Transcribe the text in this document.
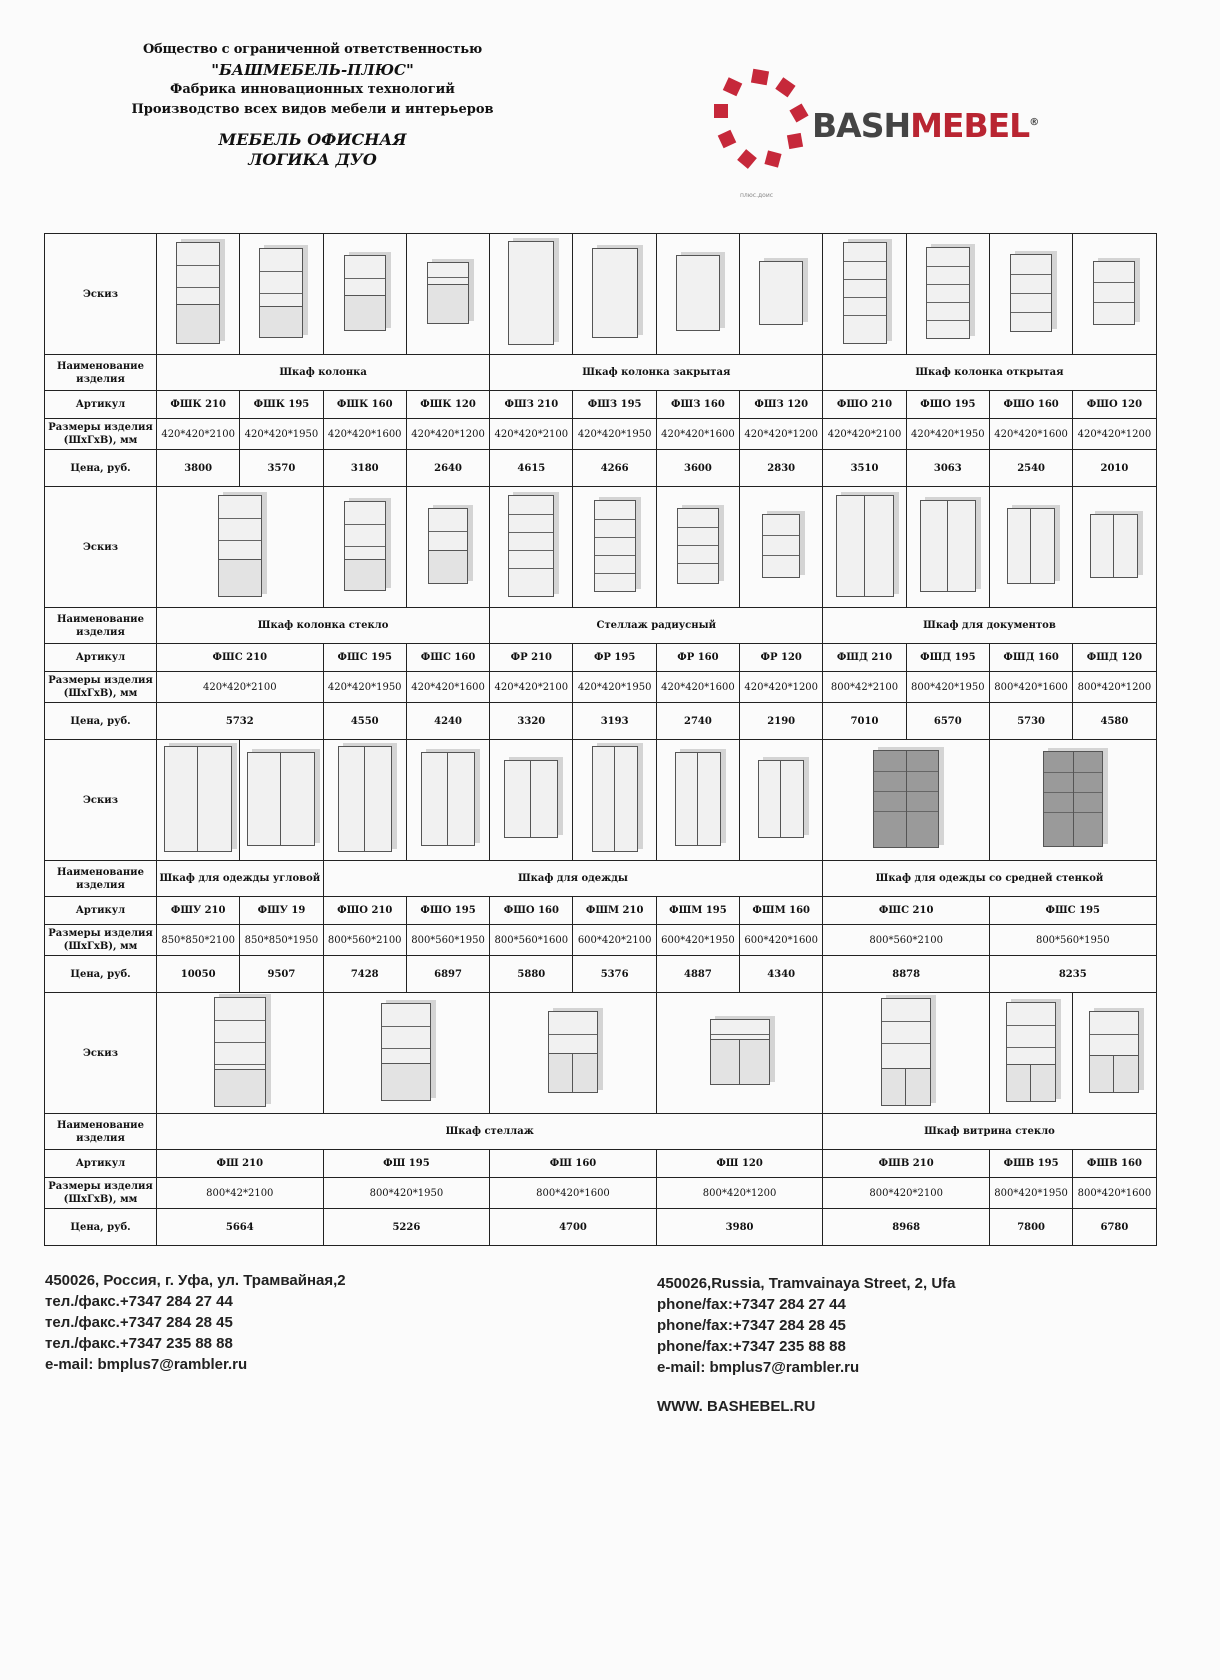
Общество с ограниченной ответственностью
"БАШМЕБЕЛЬ-ПЛЮС"
Фабрика инновационных технологий
Производство всех видов мебели и интерьеров
МЕБЕЛЬ ОФИСНАЯ
ЛОГИКА ДУО
BASHMEBEL®
плюс.доис
Эскиз	

Наименование изделия	Шкаф колонка				Шкаф колонка закрытая				Шкаф колонка открытая			
Артикул	ФШК 210	ФШК 195	ФШК 160	ФШК 120	ФШЗ 210	ФШЗ 195	ФШЗ 160	ФШЗ 120	ФШО 210	ФШО 195	ФШО 160	ФШО 120
Размеры изделия (ШхГхВ), мм	420*420*2100	420*420*1950	420*420*1600	420*420*1200	420*420*2100	420*420*1950	420*420*1600	420*420*1200	420*420*2100	420*420*1950	420*420*1600	420*420*1200
Цена, руб.	3800	3570	3180	2640	4615	4266	3600	2830	3510	3063	2540	2010
Эскиз		

Наименование изделия	Шкаф колонка стекло				Стеллаж радиусный				Шкаф для документов			
Артикул	ФШС 210		ФШС 195	ФШС 160	ФР 210	ФР 195	ФР 160	ФР 120	ФШД 210	ФШД 195	ФШД 160	ФШД 120
Размеры изделия (ШхГхВ), мм	420*420*2100		420*420*1950	420*420*1600	420*420*2100	420*420*1950	420*420*1600	420*420*1200	800*42*2100	800*420*1950	800*420*1600	800*420*1200
Цена, руб.	5732		4550	4240	3320	3193	2740	2190	7010	6570	5730	4580
Эскиз			

Наименование изделия	Шкаф для одежды угловой		Шкаф для одежды						Шкаф для одежды со средней стенкой			
Артикул	ФШУ 210	ФШУ 19	ФШО 210	ФШО 195	ФШО 160	ФШМ 210	ФШМ 195	ФШМ 160	ФШС 210		ФШС 195	
Размеры изделия (ШхГхВ), мм	850*850*2100	850*850*1950	800*560*2100	800*560*1950	800*560*1600	600*420*2100	600*420*1950	600*420*1600	800*560*2100		800*560*1950	
Цена, руб.	10050	9507	7428	6897	5880	5376	4887	4340	8878		8235	
Эскиз						

Наименование изделия	Шкаф стеллаж								Шкаф витрина стекло			
Артикул	ФШ 210		ФШ 195		ФШ 160		ФШ 120		ФШВ 210		ФШВ 195	ФШВ 160
Размеры изделия (ШхГхВ), мм	800*42*2100		800*420*1950		800*420*1600		800*420*1200		800*420*2100		800*420*1950	800*420*1600
Цена, руб.	5664		5226		4700		3980		8968		7800	6780
450026, Россия, г. Уфа, ул. Трамвайная,2
тел./факс.+7347 284 27 44
тел./факс.+7347 284 28 45
тел./факс.+7347 235 88 88
e-mail: bmplus7@rambler.ru
450026,Russia, Tramvainaya Street, 2, Ufa
phone/fax:+7347 284 27 44
phone/fax:+7347 284 28 45
phone/fax:+7347 235 88 88
e-mail: bmplus7@rambler.ru
WWW. BASHEBEL.RU
